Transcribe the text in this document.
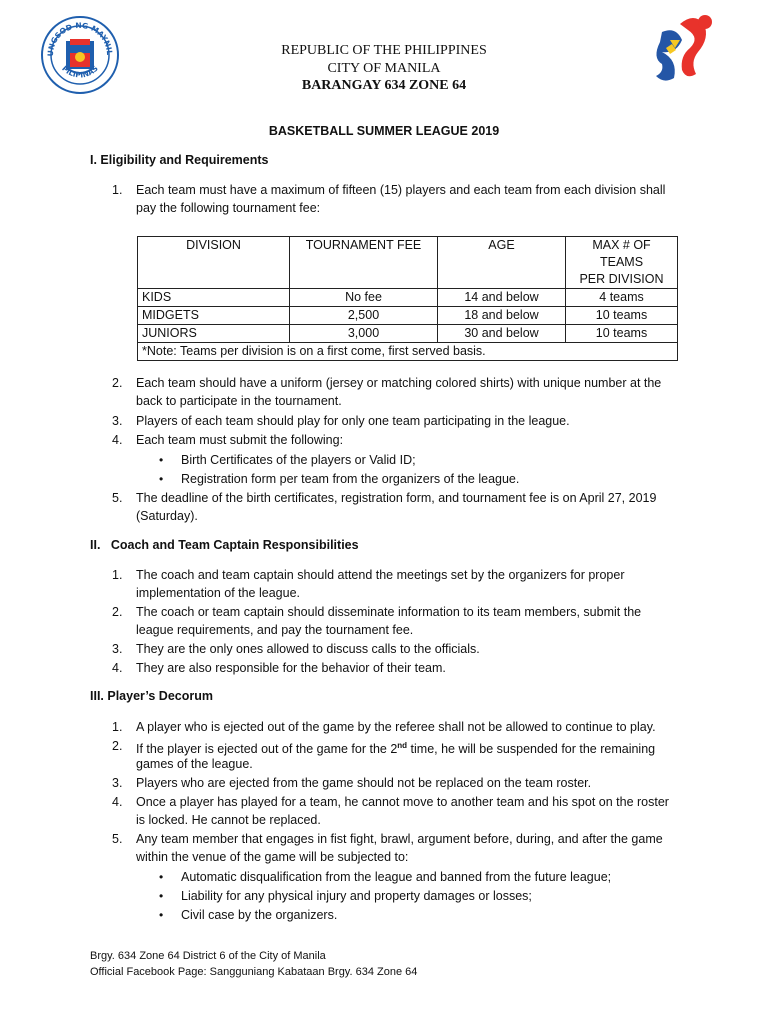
UNGSOD NG MAYNIL
PILIPINAS
REPUBLIC OF THE PHILIPPINES
CITY OF MANILA
BARANGAY 634 ZONE 64
BASKETBALL SUMMER LEAGUE 2019
I. Eligibility and Requirements
1. Each team must have a maximum of fifteen (15) players and each team from each division shall
pay the following tournament fee:
DIVISION	TOURNAMENT FEE	AGE	MAX # OF TEAMS
			PER DIVISION
KIDS	No fee	14 and below	4 teams
MIDGETS	2,500	18 and below	10 teams
JUNIORS	3,000	30 and below	10 teams
*Note: Teams per division is on a first come, first served basis.			
2. Each team should have a uniform (jersey or matching colored shirts) with unique number at the
back to participate in the tournament.
3. Players of each team should play for only one team participating in the league.
4. Each team must submit the following:
• Birth Certificates of the players or Valid ID;
• Registration form per team from the organizers of the league.
5. The deadline of the birth certificates, registration form, and tournament fee is on April 27, 2019
(Saturday).
II.   Coach and Team Captain Responsibilities
1. The coach and team captain should attend the meetings set by the organizers for proper
implementation of the league.
2. The coach or team captain should disseminate information to its team members, submit the
league requirements, and pay the tournament fee.
3. They are the only ones allowed to discuss calls to the officials.
4. They are also responsible for the behavior of their team.
III. Player’s Decorum
1. A player who is ejected out of the game by the referee shall not be allowed to continue to play.
2. If the player is ejected out of the game for the 2nd time, he will be suspended for the remaining
games of the league.
3. Players who are ejected from the game should not be replaced on the team roster.
4. Once a player has played for a team, he cannot move to another team and his spot on the roster
is locked. He cannot be replaced.
5. Any team member that engages in fist fight, brawl, argument before, during, and after the game
within the venue of the game will be subjected to:
• Automatic disqualification from the league and banned from the future league;
• Liability for any physical injury and property damages or losses;
• Civil case by the organizers.
Brgy. 634 Zone 64 District 6 of the City of Manila
Official Facebook Page: Sangguniang Kabataan Brgy. 634 Zone 64
